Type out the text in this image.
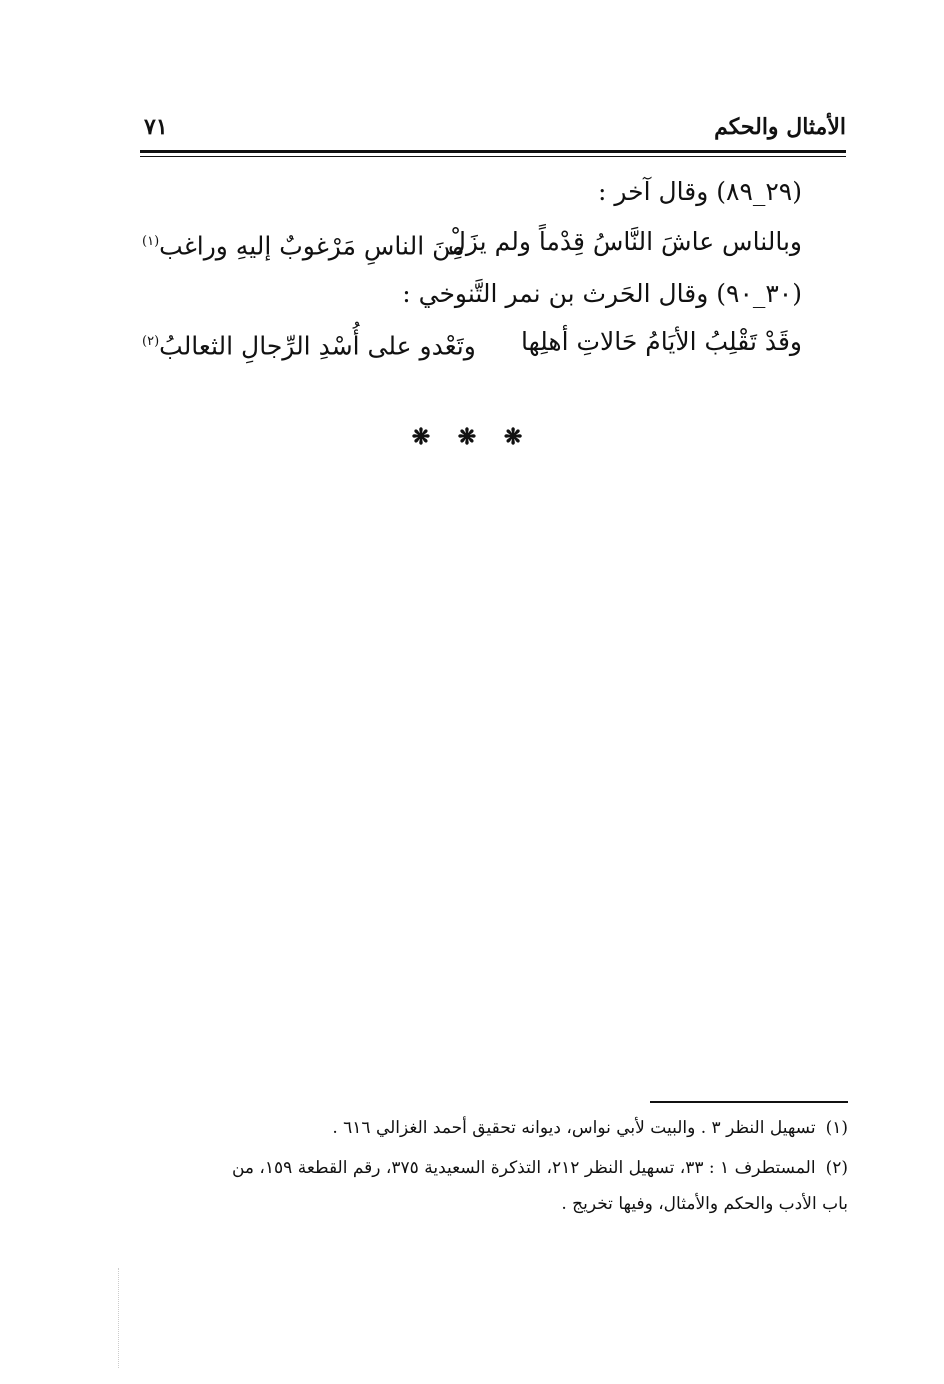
الأمثال والحكم
٧١
(٢٩_٨٩) وقال آخر :
وبالناس عاشَ النَّاسُ قِدْماً ولم يزَلْ
مِنَ الناسِ مَرْغوبٌ إليهِ وراغب$^{(١)}$
(٣٠_٩٠) وقال الحَرث بن نمر التَّنوخي :
وقَدْ تَقْلِبُ الأيَامُ حَالاتِ أهلِها
وتَعْدو على أُسْدِ الرِّجالِ الثعالبُ$^{(٢)}$
❋ ❋ ❋
(١)تسهيل النظر ٣ . والبيت لأبي نواس، ديوانه تحقيق أحمد الغزالي ٦١٦ .
(٢)المستطرف ١ : ٣٣، تسهيل النظر ٢١٢، التذكرة السعيدية ٣٧٥، رقم القطعة ١٥٩، من
باب الأدب والحكم والأمثال، وفيها تخريج .
